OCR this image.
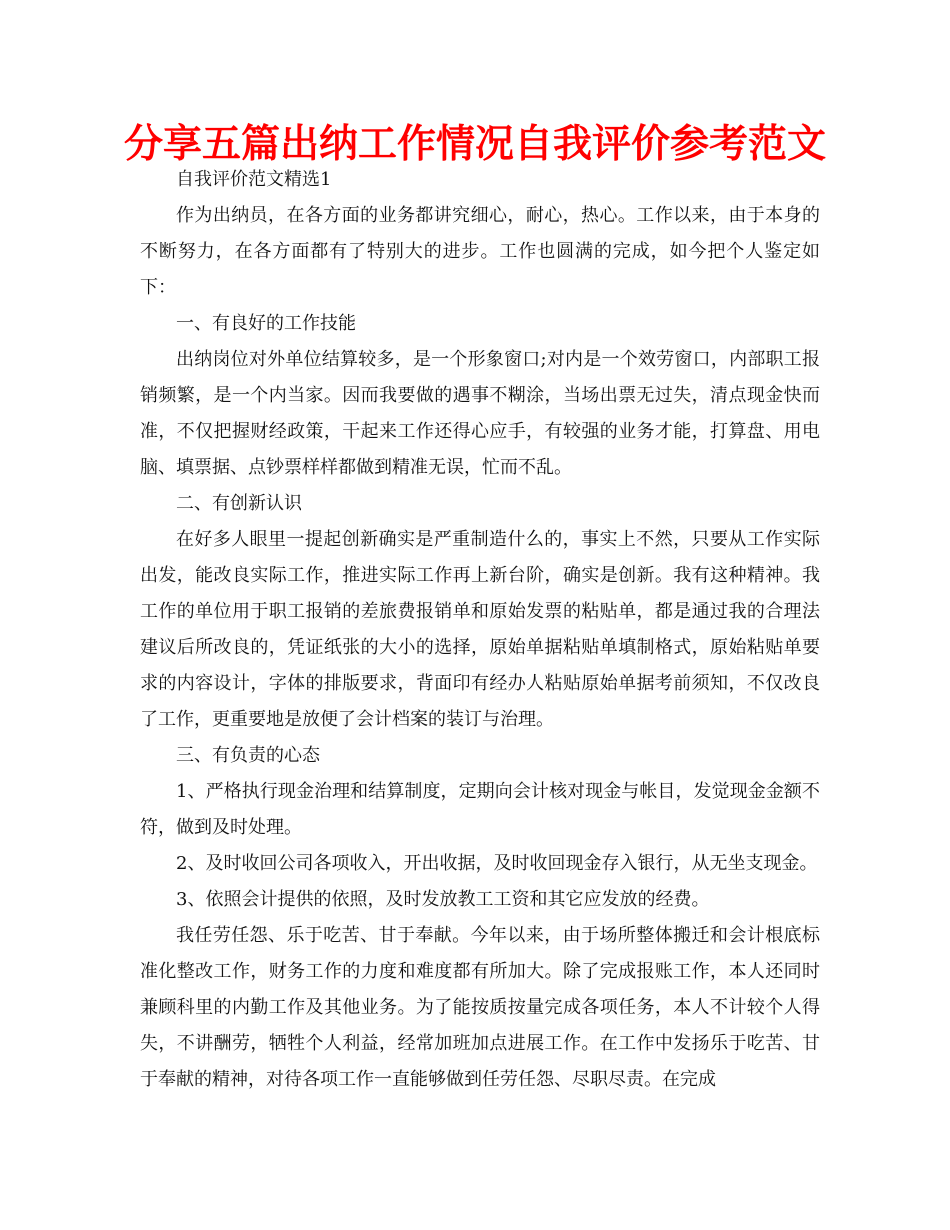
分享五篇出纳工作情况自我评价参考范文

自我评价范文精选1

作为出纳员，在各方面的业务都讲究细心，耐心，热心。工作以来，由于本身的不断努力，在各方面都有了特别大的进步。工作也圆满的完成，如今把个人鉴定如下：

一、有良好的工作技能

出纳岗位对外单位结算较多，是一个形象窗口;对内是一个效劳窗口，内部职工报销频繁，是一个内当家。因而我要做的遇事不糊涂，当场出票无过失，清点现金快而准，不仅把握财经政策，干起来工作还得心应手，有较强的业务才能，打算盘、用电脑、填票据、点钞票样样都做到精准无误，忙而不乱。

二、有创新认识

在好多人眼里一提起创新确实是严重制造什么的，事实上不然，只要从工作实际出发，能改良实际工作，推进实际工作再上新台阶，确实是创新。我有这种精神。我工作的单位用于职工报销的差旅费报销单和原始发票的粘贴单，都是通过我的合理法建议后所改良的，凭证纸张的大小的选择，原始单据粘贴单填制格式，原始粘贴单要求的内容设计，字体的排版要求，背面印有经办人粘贴原始单据考前须知，不仅改良了工作，更重要地是放便了会计档案的装订与治理。

三、有负责的心态

1、严格执行现金治理和结算制度，定期向会计核对现金与帐目，发觉现金金额不符，做到及时处理。

2、及时收回公司各项收入，开出收据，及时收回现金存入银行，从无坐支现金。

3、依照会计提供的依照，及时发放教工工资和其它应发放的经费。

我任劳任怨、乐于吃苦、甘于奉献。今年以来，由于场所整体搬迁和会计根底标准化整改工作，财务工作的力度和难度都有所加大。除了完成报账工作，本人还同时兼顾科里的内勤工作及其他业务。为了能按质按量完成各项任务，本人不计较个人得失，不讲酬劳，牺牲个人利益，经常加班加点进展工作。在工作中发扬乐于吃苦、甘于奉献的精神，对待各项工作一直能够做到任劳任怨、尽职尽责。在完成
